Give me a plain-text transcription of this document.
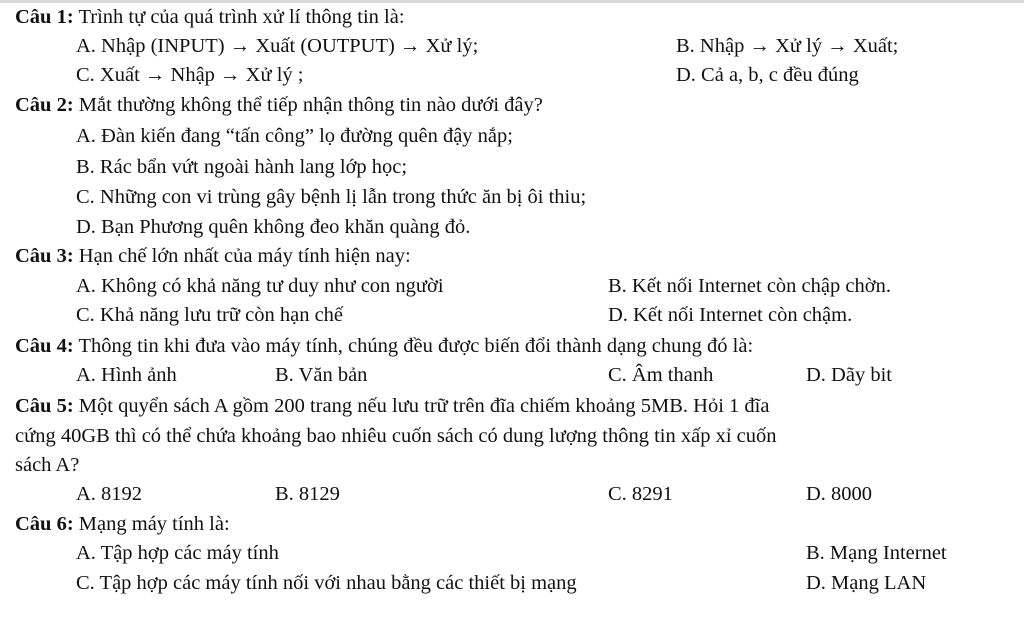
Câu 1: Trình tự của quá trình xử lí thông tin là:
A. Nhập (INPUT) → Xuất (OUTPUT) → Xử lý;	B. Nhập → Xử lý → Xuất;
C. Xuất → Nhập → Xử lý ;	D. Cả a, b, c đều đúng
Câu 2: Mắt thường không thể tiếp nhận thông tin nào dưới đây?
A. Đàn kiến đang “tấn công” lọ đường quên đậy nắp;
B. Rác bẩn vứt ngoài hành lang lớp học;
C. Những con vi trùng gây bệnh lị lẫn trong thức ăn bị ôi thiu;
D. Bạn Phương quên không đeo khăn quàng đỏ.
Câu 3: Hạn chế lớn nhất của máy tính hiện nay:
A. Không có khả năng tư duy như con người	B. Kết nối Internet còn chập chờn.
C. Khả năng lưu trữ còn hạn chế	D. Kết nối Internet còn chậm.
Câu 4: Thông tin khi đưa vào máy tính, chúng đều được biến đổi thành dạng chung đó là:
A. Hình ảnh	B. Văn bản	C. Âm thanh	D. Dãy bit
Câu 5: Một quyển sách A gồm 200 trang nếu lưu trữ trên đĩa chiếm khoảng 5MB. Hỏi 1 đĩa
cứng 40GB thì có thể chứa khoảng bao nhiêu cuốn sách có dung lượng thông tin xấp xỉ cuốn
sách A?
A. 8192	B. 8129	C. 8291	D. 8000
Câu 6: Mạng máy tính là:
A. Tập hợp các máy tính	B. Mạng Internet
C. Tập hợp các máy tính nối với nhau bằng các thiết bị mạng	D. Mạng LAN
